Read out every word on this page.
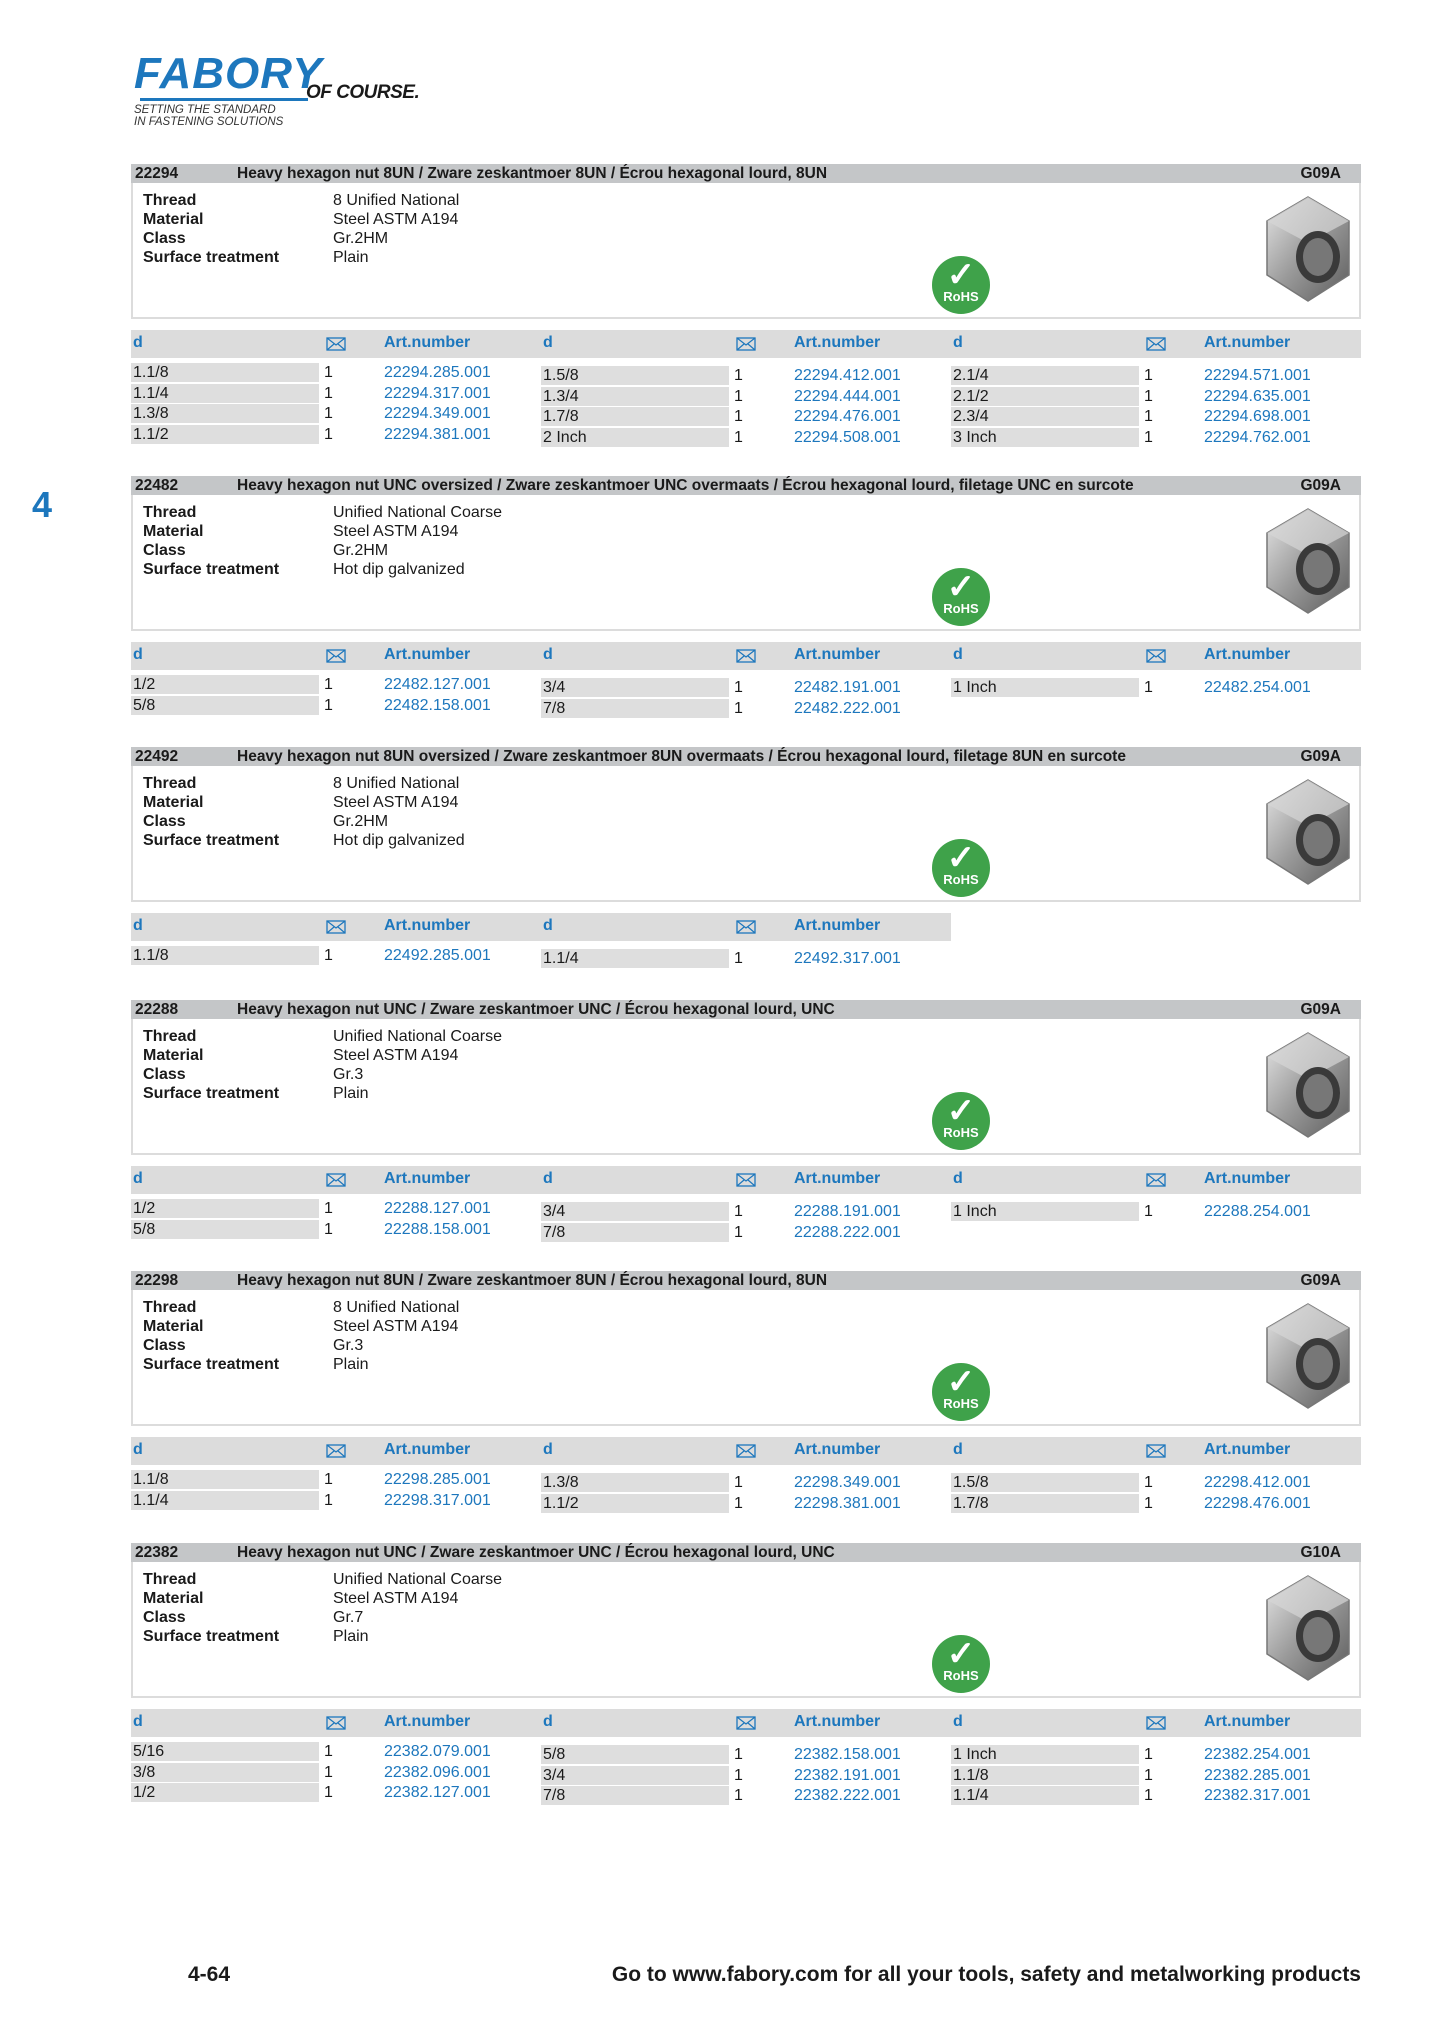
FABORY
OF COURSE.
SETTING THE STANDARD
IN FASTENING SOLUTIONS
4
22294	Heavy hexagon nut 8UN / Zware zeskantmoer 8UN / Écrou hexagonal lourd, 8UN	G09A
Thread	8 Unified National
Material	Steel ASTM A194
Class	Gr.2HM
Surface treatment	Plain	✓
RoHS
d	Art.number
1.1/8	1	22294.285.001
1.1/4	1	22294.317.001
1.3/8	1	22294.349.001
1.1/2	1	22294.381.001
d	Art.number
1.5/8	1	22294.412.001
1.3/4	1	22294.444.001
1.7/8	1	22294.476.001
2 Inch	1	22294.508.001
d	Art.number
2.1/4	1	22294.571.001
2.1/2	1	22294.635.001
2.3/4	1	22294.698.001
3 Inch	1	22294.762.001
22482	Heavy hexagon nut UNC oversized / Zware zeskantmoer UNC overmaats / Écrou hexagonal lourd, filetage UNC en surcote	G09A
Thread	Unified National Coarse
Material	Steel ASTM A194
Class	Gr.2HM
Surface treatment	Hot dip galvanized	✓
RoHS
d	Art.number
1/2	1	22482.127.001
5/8	1	22482.158.001
d	Art.number
3/4	1	22482.191.001
7/8	1	22482.222.001
d	Art.number
1 Inch	1	22482.254.001
22492	Heavy hexagon nut 8UN oversized / Zware zeskantmoer 8UN overmaats / Écrou hexagonal lourd, filetage 8UN en surcote	G09A
Thread	8 Unified National
Material	Steel ASTM A194
Class	Gr.2HM
Surface treatment	Hot dip galvanized	✓
RoHS
d	Art.number
1.1/8	1	22492.285.001
d	Art.number
1.1/4	1	22492.317.001
22288	Heavy hexagon nut UNC / Zware zeskantmoer UNC / Écrou hexagonal lourd, UNC	G09A
Thread	Unified National Coarse
Material	Steel ASTM A194
Class	Gr.3
Surface treatment	Plain	✓
RoHS
d	Art.number
1/2	1	22288.127.001
5/8	1	22288.158.001
d	Art.number
3/4	1	22288.191.001
7/8	1	22288.222.001
d	Art.number
1 Inch	1	22288.254.001
22298	Heavy hexagon nut 8UN / Zware zeskantmoer 8UN / Écrou hexagonal lourd, 8UN	G09A
Thread	8 Unified National
Material	Steel ASTM A194
Class	Gr.3
Surface treatment	Plain	✓
RoHS
d	Art.number
1.1/8	1	22298.285.001
1.1/4	1	22298.317.001
d	Art.number
1.3/8	1	22298.349.001
1.1/2	1	22298.381.001
d	Art.number
1.5/8	1	22298.412.001
1.7/8	1	22298.476.001
22382	Heavy hexagon nut UNC / Zware zeskantmoer UNC / Écrou hexagonal lourd, UNC	G10A
Thread	Unified National Coarse
Material	Steel ASTM A194
Class	Gr.7
Surface treatment	Plain	✓
RoHS
d	Art.number
5/16	1	22382.079.001
3/8	1	22382.096.001
1/2	1	22382.127.001
d	Art.number
5/8	1	22382.158.001
3/4	1	22382.191.001
7/8	1	22382.222.001
d	Art.number
1 Inch	1	22382.254.001
1.1/8	1	22382.285.001
1.1/4	1	22382.317.001
4-64	Go to www.fabory.com for all your tools, safety and metalworking products
